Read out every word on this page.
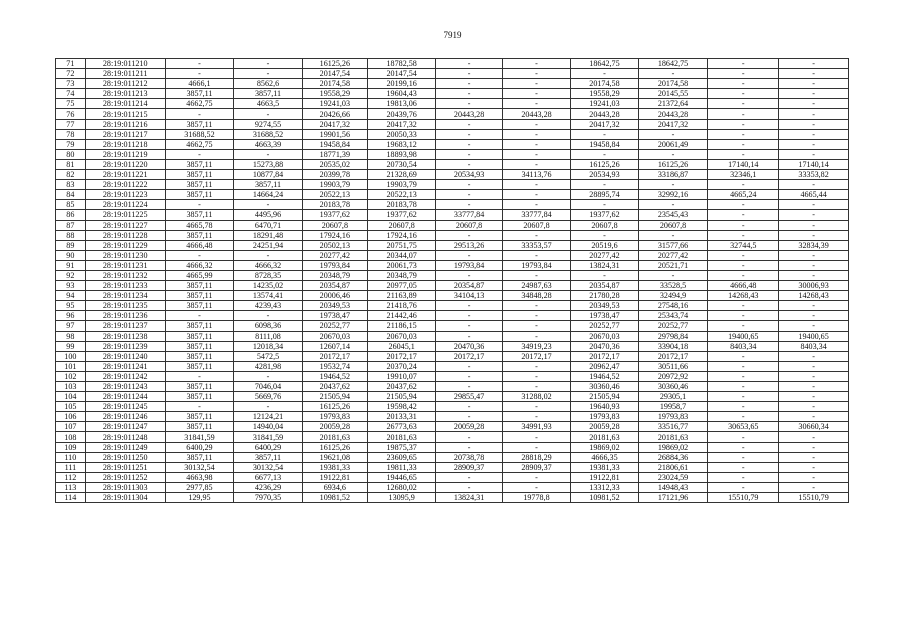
7919
71	28:19:011210	-	-	16125,26	18782,58	-	-	18642,75	18642,75	-	-
72	28:19:011211	-	-	20147,54	20147,54	-	-	-	-	-	-
73	28:19:011212	4666,1	8562,6	20174,58	20199,16	-	-	20174,58	20174,58	-	-
74	28:19:011213	3857,11	3857,11	19558,29	19604,43	-	-	19558,29	20145,55	-	-
75	28:19:011214	4662,75	4663,5	19241,03	19813,06	-	-	19241,03	21372,64	-	-
76	28:19:011215	-	-	20426,66	20439,76	20443,28	20443,28	20443,28	20443,28	-	-
77	28:19:011216	3857,11	9274,55	20417,32	20417,32	-	-	20417,32	20417,32	-	-
78	28:19:011217	31688,52	31688,52	19901,56	20050,33	-	-	-	-	-	-
79	28:19:011218	4662,75	4663,39	19458,84	19683,12	-	-	19458,84	20061,49	-	-
80	28:19:011219	-	-	18771,39	18893,98	-	-	-	-	-	-
81	28:19:011220	3857,11	15273,88	20535,02	20730,54	-	-	16125,26	16125,26	17140,14	17140,14
82	28:19:011221	3857,11	10877,84	20399,78	21328,69	20534,93	34113,76	20534,93	33186,87	32346,1	33353,82
83	28:19:011222	3857,11	3857,11	19903,79	19903,79	-	-	-	-	-	-
84	28:19:011223	3857,11	14664,24	20522,13	20522,13	-	-	28895,74	32992,16	4665,24	4665,44
85	28:19:011224	-	-	20183,78	20183,78	-	-	-	-	-	-
86	28:19:011225	3857,11	4495,96	19377,62	19377,62	33777,84	33777,84	19377,62	23545,43	-	-
87	28:19:011227	4665,78	6470,71	20607,8	20607,8	20607,8	20607,8	20607,8	20607,8	-	-
88	28:19:011228	3857,11	18291,48	17924,16	17924,16	-	-	-	-	-	-
89	28:19:011229	4666,48	24251,94	20502,13	20751,75	29513,26	33353,57	20519,6	31577,66	32744,5	32834,39
90	28:19:011230	-	-	20277,42	20344,07	-	-	20277,42	20277,42	-	-
91	28:19:011231	4666,32	4666,32	19793,84	20061,73	19793,84	19793,84	13824,31	20521,71	-	-
92	28:19:011232	4665,99	8728,35	20348,79	20348,79	-	-	-	-	-	-
93	28:19:011233	3857,11	14235,02	20354,87	20977,05	20354,87	24987,63	20354,87	33528,5	4666,48	30006,93
94	28:19:011234	3857,11	13574,41	20006,46	21163,89	34104,13	34848,28	21780,28	32494,9	14268,43	14268,43
95	28:19:011235	3857,11	4239,43	20349,53	21418,76	-	-	20349,53	27548,16	-	-
96	28:19:011236	-	-	19738,47	21442,46	-	-	19738,47	25343,74	-	-
97	28:19:011237	3857,11	6098,36	20252,77	21186,15	-	-	20252,77	20252,77	-	-
98	28:19:011238	3857,11	8111,08	20670,03	20670,03	-	-	20670,03	29798,84	19400,65	19400,65
99	28:19:011239	3857,11	12018,34	12607,14	26045,1	20470,36	34919,23	20470,36	33904,18	8403,34	8403,34
100	28:19:011240	3857,11	5472,5	20172,17	20172,17	20172,17	20172,17	20172,17	20172,17	-	-
101	28:19:011241	3857,11	4281,98	19532,74	20370,24	-	-	20962,47	30511,66	-	-
102	28:19:011242	-	-	19464,52	19910,07	-	-	19464,52	20972,92	-	-
103	28:19:011243	3857,11	7046,04	20437,62	20437,62	-	-	30360,46	30360,46	-	-
104	28:19:011244	3857,11	5669,76	21505,94	21505,94	29855,47	31288,02	21505,94	29305,1	-	-
105	28:19:011245	-	-	16125,26	19598,42	-	-	19640,93	19958,7	-	-
106	28:19:011246	3857,11	12124,21	19793,83	20133,31	-	-	19793,83	19793,83	-	-
107	28:19:011247	3857,11	14940,04	20059,28	26773,63	20059,28	34991,93	20059,28	33516,77	30653,65	30660,34
108	28:19:011248	31841,59	31841,59	20181,63	20181,63	-	-	20181,63	20181,63	-	-
109	28:19:011249	6400,29	6400,29	16125,26	19875,37	-	-	19869,02	19869,02	-	-
110	28:19:011250	3857,11	3857,11	19621,08	23609,65	20738,78	28818,29	4666,35	26884,36	-	-
111	28:19:011251	30132,54	30132,54	19381,33	19811,33	28909,37	28909,37	19381,33	21806,61	-	-
112	28:19:011252	4663,98	6677,13	19122,81	19446,65	-	-	19122,81	23024,59	-	-
113	28:19:011303	2977,85	4236,29	6934,6	12680,02	-	-	13312,33	14948,43	-	-
114	28:19:011304	129,95	7970,35	10981,52	13095,9	13824,31	19778,8	10981,52	17121,96	15510,79	15510,79
